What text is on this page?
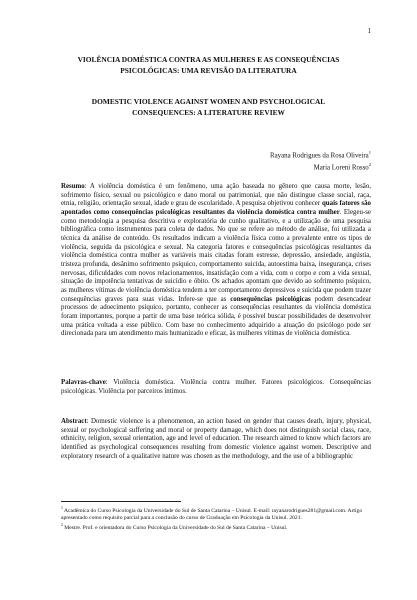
1
VIOLÊNCIA DOMÉSTICA CONTRA AS MULHERES E AS CONSEQUÊNCIAS
PSICOLÓGICAS: UMA REVISÃO DA LITERATURA
DOMESTIC VIOLENCE AGAINST WOMEN AND PSYCHOLOGICAL
CONSEQUENCES: A LITERATURE REVIEW
Rayana Rodrigues da Rosa Oliveira$^1$
Maria Loreni Rosso$^2$
Resumo: A violência doméstica é um fenômeno, uma ação baseada no gênero que causa morte, lesão, sofrimento físico, sexual ou psicológico e dano moral ou patrimonial, que não distingue classe social, raça, etnia, religião, orientação sexual, idade e grau de escolaridade. A pesquisa objetivou conhecer quais fatores são apontados como consequências psicológicas resultantes da violência doméstica contra mulher. Elegeu-se como metodologia a pesquisa descritiva e exploratória de cunho qualitativo, e a utilização de uma pesquisa bibliográfica como instrumentos para coleta de dados. No que se refere ao método de análise, foi utilizada a técnica da análise de conteúdo. Os resultados indicam a violência física como a prevalente entre os tipos de violência, seguida da psicológica e sexual. Na categoria fatores e consequências psicológicas resultantes da violência doméstica contra mulher as variáveis mais citadas foram estresse, depressão, ansiedade, angústia, tristeza profunda, desânimo sofrimento psíquico, comportamento suicida, autoestima baixa, insegurança, crises nervosas, dificuldades com novos relacionamentos, insatisfação com a vida, com o corpo e com a vida sexual, situação de impotência tentativas de suicídio e óbito. Os achados apontam que devido ao sofrimento psíquico, as mulheres vítimas de violência doméstica tendem a ter comportamento depressivos e suicida que podem trazer consequências graves para suas vidas. Infere-se que as consequências psicológicas podem desencadear processos de adoecimento psíquico, portanto, conhecer as consequências resultantes da violência doméstica foram importantes, porque a partir de uma base teórica sólida, é possível buscar possibilidades de desenvolver uma prática voltada a esse público. Com base no conhecimento adquirido a atuação do psicólogo pode ser direcionada para um atendimento mais humanizado e eficaz, às mulheres vítimas de violência doméstica.
Palavras-chave: Violência doméstica. Violência contra mulher. Fatores psicológicos. Consequências psicológicas. Violência por parceiros íntimos.
Abstract: Domestic violence is a phenomenon, an action based on gender that causes death, injury, physical, sexual or psychological suffering and moral or property damage, which does not distinguish social class, race, ethnicity, religion, sexual orientation, age and level of education. The research aimed to know which factors are identified as psychological consequences resulting from domestic violence against women. Descriptive and exploratory research of a qualitative nature was chosen as the methodology, and the use of a bibliographic
$^1$ Acadêmica do Curso Psicologia da Universidade do Sul de Santa Catarina – Unisul. E-mail: rayanarodrigues281@gmail.com. Artigo apresentado como requisito parcial para a conclusão do curso de Graduação em Psicologia da Unisul. 2021.
$^2$ Mestre. Prof. e orientadora do Curso Psicologia da Universidade do Sul de Santa Catarina – Unisul.
